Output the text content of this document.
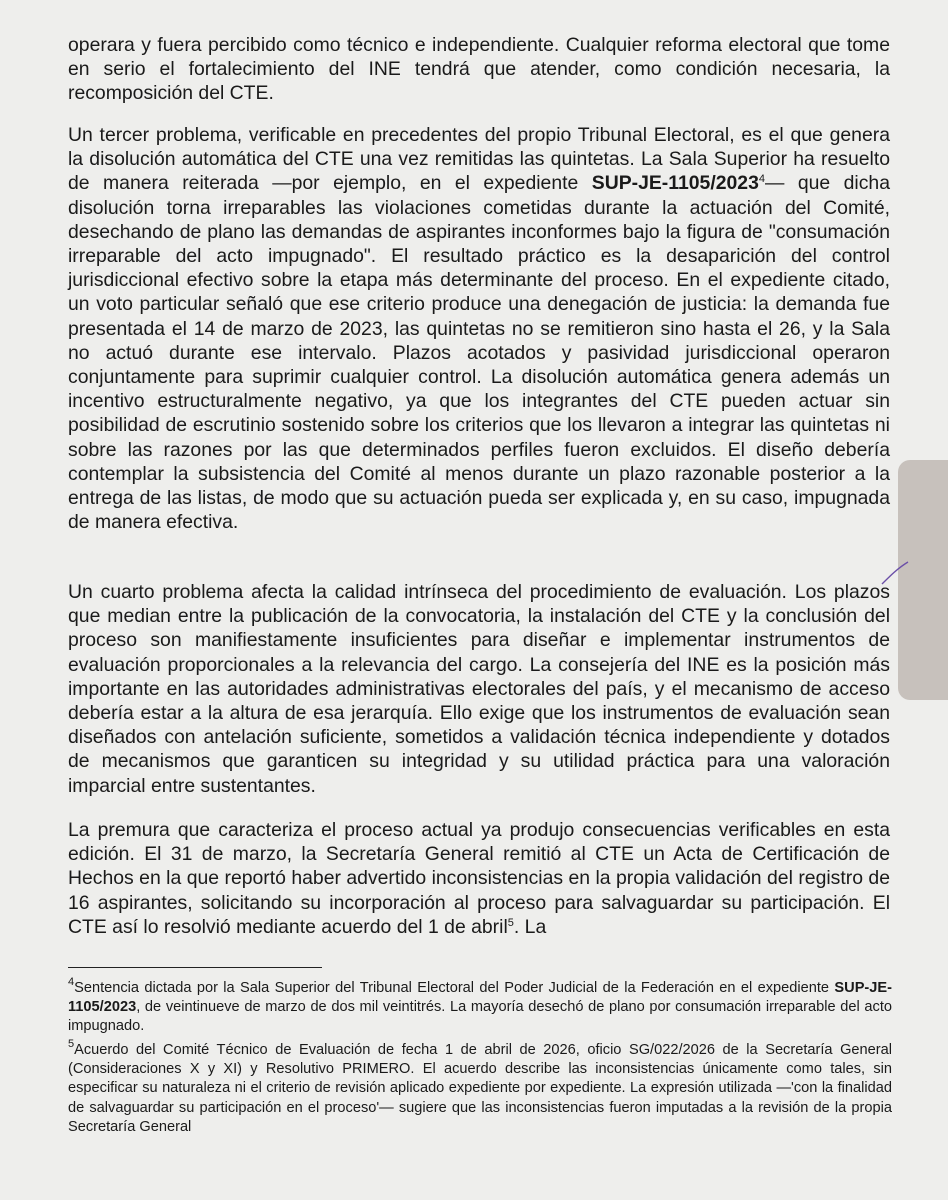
operara y fuera percibido como técnico e independiente. Cualquier reforma electoral que tome en serio el fortalecimiento del INE tendrá que atender, como condición necesaria, la recomposición del CTE.

Un tercer problema, verificable en precedentes del propio Tribunal Electoral, es el que genera la disolución automática del CTE una vez remitidas las quintetas. La Sala Superior ha resuelto de manera reiterada —por ejemplo, en el expediente SUP-JE-1105/2023$^4$— que dicha disolución torna irreparables las violaciones cometidas durante la actuación del Comité, desechando de plano las demandas de aspirantes inconformes bajo la figura de "consumación irreparable del acto impugnado". El resultado práctico es la desaparición del control jurisdiccional efectivo sobre la etapa más determinante del proceso. En el expediente citado, un voto particular señaló que ese criterio produce una denegación de justicia: la demanda fue presentada el 14 de marzo de 2023, las quintetas no se remitieron sino hasta el 26, y la Sala no actuó durante ese intervalo. Plazos acotados y pasividad jurisdiccional operaron conjuntamente para suprimir cualquier control. La disolución automática genera además un incentivo estructuralmente negativo, ya que los integrantes del CTE pueden actuar sin posibilidad de escrutinio sostenido sobre los criterios que los llevaron a integrar las quintetas ni sobre las razones por las que determinados perfiles fueron excluidos. El diseño debería contemplar la subsistencia del Comité al menos durante un plazo razonable posterior a la entrega de las listas, de modo que su actuación pueda ser explicada y, en su caso, impugnada de manera efectiva.

Un cuarto problema afecta la calidad intrínseca del procedimiento de evaluación. Los plazos que median entre la publicación de la convocatoria, la instalación del CTE y la conclusión del proceso son manifiestamente insuficientes para diseñar e implementar instrumentos de evaluación proporcionales a la relevancia del cargo. La consejería del INE es la posición más importante en las autoridades administrativas electorales del país, y el mecanismo de acceso debería estar a la altura de esa jerarquía. Ello exige que los instrumentos de evaluación sean diseñados con antelación suficiente, sometidos a validación técnica independiente y dotados de mecanismos que garanticen su integridad y su utilidad práctica para una valoración imparcial entre sustentantes.

La premura que caracteriza el proceso actual ya produjo consecuencias verificables en esta edición. El 31 de marzo, la Secretaría General remitió al CTE un Acta de Certificación de Hechos en la que reportó haber advertido inconsistencias en la propia validación del registro de 16 aspirantes, solicitando su incorporación al proceso para salvaguardar su participación. El CTE así lo resolvió mediante acuerdo del 1 de abril$^5$. La

$^4$Sentencia dictada por la Sala Superior del Tribunal Electoral del Poder Judicial de la Federación en el expediente SUP-JE-1105/2023, de veintinueve de marzo de dos mil veintitrés. La mayoría desechó de plano por consumación irreparable del acto impugnado.

$^5$Acuerdo del Comité Técnico de Evaluación de fecha 1 de abril de 2026, oficio SG/022/2026 de la Secretaría General (Consideraciones X y XI) y Resolutivo PRIMERO. El acuerdo describe las inconsistencias únicamente como tales, sin especificar su naturaleza ni el criterio de revisión aplicado expediente por expediente. La expresión utilizada —'con la finalidad de salvaguardar su participación en el proceso'— sugiere que las inconsistencias fueron imputadas a la revisión de la propia Secretaría General
